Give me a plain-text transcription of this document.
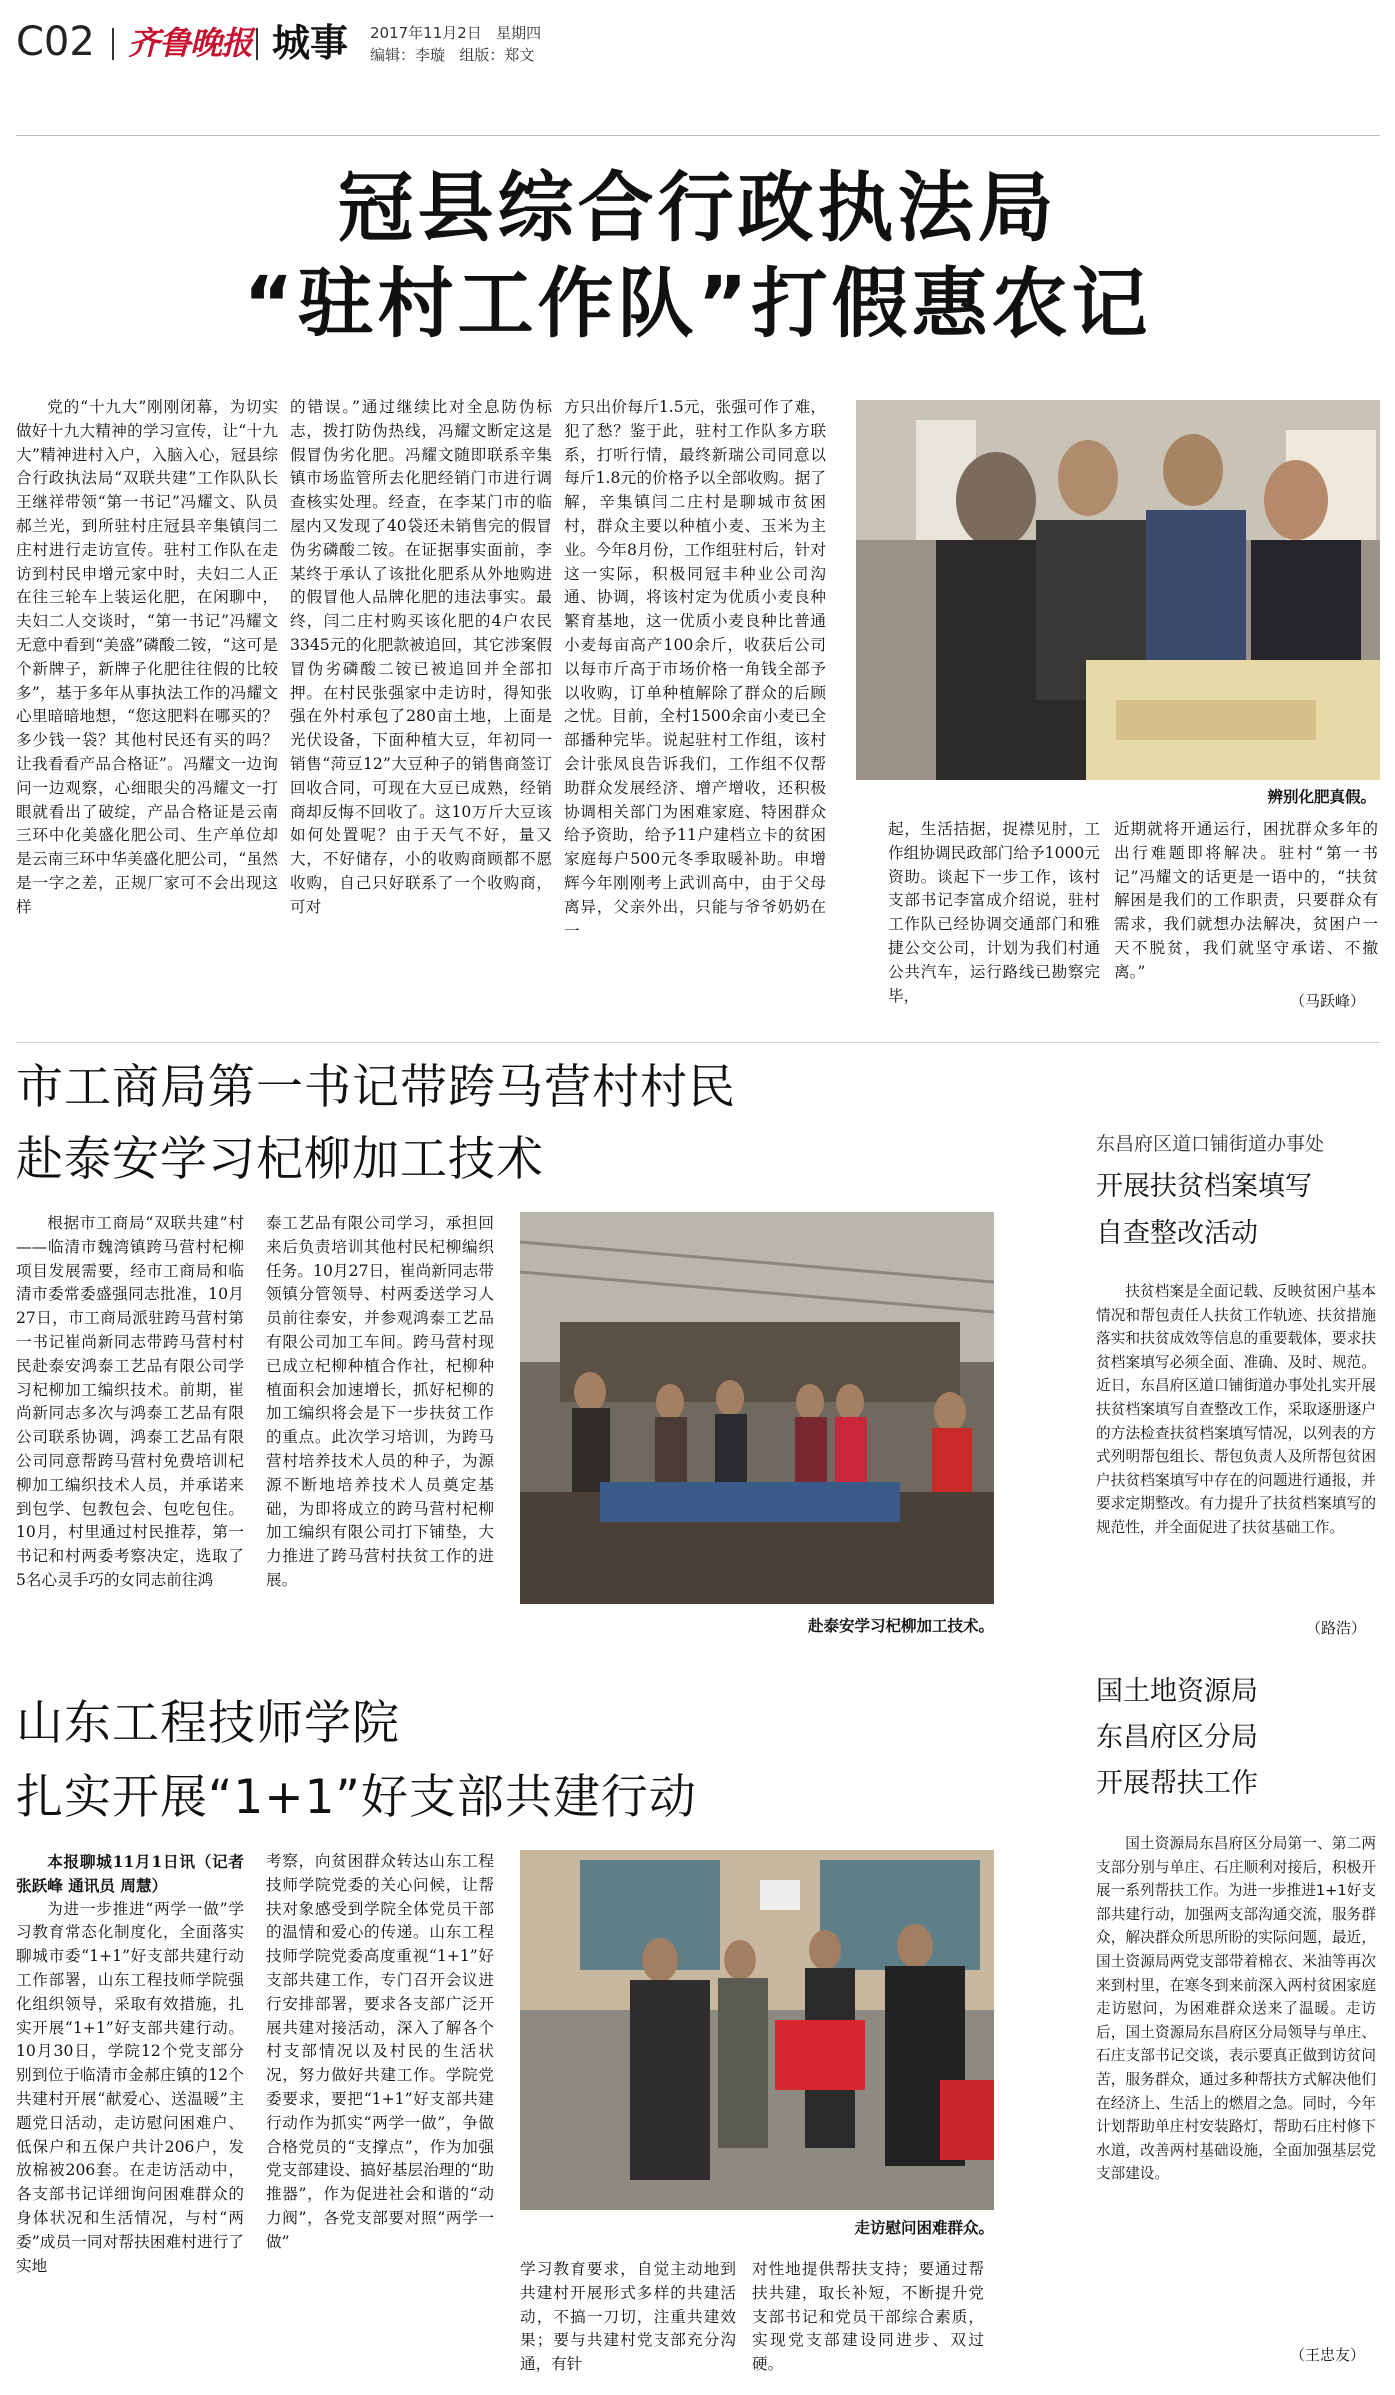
C02 齐鲁晚报 城事 2017年11月2日 星期四
编辑：李璇 组版：郑文
冠县综合行政执法局
“驻村工作队”打假惠农记

党的“十九大”刚刚闭幕，为切实做好十九大精神的学习宣传，让“十九大”精神进村入户，入脑入心，冠县综合行政执法局“双联共建”工作队队长王继祥带领“第一书记”冯耀文、队员郝兰光，到所驻村庄冠县辛集镇闫二庄村进行走访宣传。驻村工作队在走访到村民申增元家中时，夫妇二人正在往三轮车上装运化肥，在闲聊中，夫妇二人交谈时，“第一书记”冯耀文无意中看到“美盛”磷酸二铵，“这可是个新牌子，新牌子化肥往往假的比较多”，基于多年从事执法工作的冯耀文心里暗暗地想，“您这肥料在哪买的？多少钱一袋？其他村民还有买的吗？让我看看产品合格证”。冯耀文一边询问一边观察，心细眼尖的冯耀文一打眼就看出了破绽，产品合格证是云南三环中化美盛化肥公司、生产单位却是云南三环中华美盛化肥公司，“虽然是一字之差，正规厂家可不会出现这样

的错误。”通过继续比对全息防伪标志，拨打防伪热线，冯耀文断定这是假冒伪劣化肥。冯耀文随即联系辛集镇市场监管所去化肥经销门市进行调查核实处理。经查，在李某门市的临屋内又发现了40袋还未销售完的假冒伪劣磷酸二铵。在证据事实面前，李某终于承认了该批化肥系从外地购进的假冒他人品牌化肥的违法事实。最终，闫二庄村购买该化肥的4户农民3345元的化肥款被追回，其它涉案假冒伪劣磷酸二铵已被追回并全部扣押。在村民张强家中走访时，得知张强在外村承包了280亩土地，上面是光伏设备，下面种植大豆，年初同一销售“菏豆12”大豆种子的销售商签订回收合同，可现在大豆已成熟，经销商却反悔不回收了。这10万斤大豆该如何处置呢？由于天气不好，量又大，不好储存，小的收购商顾都不愿收购，自己只好联系了一个收购商，可对

方只出价每斤1.5元，张强可作了难，犯了愁？鉴于此，驻村工作队多方联系，打听行情，最终新瑞公司同意以每斤1.8元的价格予以全部收购。据了解，辛集镇闫二庄村是聊城市贫困村，群众主要以种植小麦、玉米为主业。今年8月份，工作组驻村后，针对这一实际，积极同冠丰种业公司沟通、协调，将该村定为优质小麦良种繁育基地，这一优质小麦良种比普通小麦每亩高产100余斤，收获后公司以每市斤高于市场价格一角钱全部予以收购，订单种植解除了群众的后顾之忧。目前，全村1500余亩小麦已全部播种完毕。说起驻村工作组，该村会计张凤良告诉我们，工作组不仅帮助群众发展经济、增产增收，还积极协调相关部门为困难家庭、特困群众给予资助，给予11户建档立卡的贫困家庭每户500元冬季取暖补助。申增辉今年刚刚考上武训高中，由于父母离异，父亲外出，只能与爷爷奶奶在一

辨别化肥真假。

起，生活拮据，捉襟见肘，工作组协调民政部门给予1000元资助。谈起下一步工作，该村支部书记李富成介绍说，驻村工作队已经协调交通部门和雅捷公交公司，计划为我们村通公共汽车，运行路线已勘察完毕，

近期就将开通运行，困扰群众多年的出行难题即将解决。驻村“第一书记”冯耀文的话更是一语中的，“扶贫解困是我们的工作职责，只要群众有需求，我们就想办法解决，贫困户一天不脱贫，我们就坚守承诺、不撤离。”

（马跃峰）
市工商局第一书记带跨马营村村民
赴泰安学习杞柳加工技术

根据市工商局“双联共建”村——临清市魏湾镇跨马营村杞柳项目发展需要，经市工商局和临清市委常委盛强同志批准，10月27日，市工商局派驻跨马营村第一书记崔尚新同志带跨马营村村民赴泰安鸿泰工艺品有限公司学习杞柳加工编织技术。前期，崔尚新同志多次与鸿泰工艺品有限公司联系协调，鸿泰工艺品有限公司同意帮跨马营村免费培训杞柳加工编织技术人员，并承诺来到包学、包教包会、包吃包住。10月，村里通过村民推荐，第一书记和村两委考察决定，选取了5名心灵手巧的女同志前往鸿

泰工艺品有限公司学习，承担回来后负责培训其他村民杞柳编织任务。10月27日，崔尚新同志带领镇分管领导、村两委送学习人员前往泰安，并参观鸿泰工艺品有限公司加工车间。跨马营村现已成立杞柳种植合作社，杞柳种植面积会加速增长，抓好杞柳的加工编织将会是下一步扶贫工作的重点。此次学习培训，为跨马营村培养技术人员的种子，为源源不断地培养技术人员奠定基础，为即将成立的跨马营村杞柳加工编织有限公司打下铺垫，大力推进了跨马营村扶贫工作的进展。

赴泰安学习杞柳加工技术。
山东工程技师学院
扎实开展“1+1”好支部共建行动

本报聊城11月1日讯（记者 张跃峰 通讯员 周慧）

为进一步推进“两学一做”学习教育常态化制度化，全面落实聊城市委“1+1”好支部共建行动工作部署，山东工程技师学院强化组织领导，采取有效措施，扎实开展“1+1”好支部共建行动。10月30日，学院12个党支部分别到位于临清市金郝庄镇的12个共建村开展“献爱心、送温暖”主题党日活动，走访慰问困难户、低保户和五保户共计206户，发放棉被206套。在走访活动中，各支部书记详细询问困难群众的身体状况和生活情况，与村“两委”成员一同对帮扶困难村进行了实地

考察，向贫困群众转达山东工程技师学院党委的关心问候，让帮扶对象感受到学院全体党员干部的温情和爱心的传递。山东工程技师学院党委高度重视“1+1”好支部共建工作，专门召开会议进行安排部署，要求各支部广泛开展共建对接活动，深入了解各个村支部情况以及村民的生活状况，努力做好共建工作。学院党委要求，要把“1+1”好支部共建行动作为抓实“两学一做”，争做合格党员的“支撑点”，作为加强党支部建设、搞好基层治理的“助推器”，作为促进社会和谐的“动力阀”，各党支部要对照“两学一做”

走访慰问困难群众。

学习教育要求，自觉主动地到共建村开展形式多样的共建活动，不搞一刀切，注重共建效果；要与共建村党支部充分沟通，有针

对性地提供帮扶支持；要通过帮扶共建，取长补短，不断提升党支部书记和党员干部综合素质，实现党支部建设同进步、双过硬。

东昌府区道口铺街道办事处
开展扶贫档案填写
自查整改活动

扶贫档案是全面记载、反映贫困户基本情况和帮包责任人扶贫工作轨迹、扶贫措施落实和扶贫成效等信息的重要载体，要求扶贫档案填写必须全面、准确、及时、规范。近日，东昌府区道口铺街道办事处扎实开展扶贫档案填写自查整改工作，采取逐册逐户的方法检查扶贫档案填写情况，以列表的方式列明帮包组长、帮包负责人及所帮包贫困户扶贫档案填写中存在的问题进行通报，并要求定期整改。有力提升了扶贫档案填写的规范性，并全面促进了扶贫基础工作。

（路浩）
国土地资源局
东昌府区分局
开展帮扶工作

国土资源局东昌府区分局第一、第二两支部分别与单庄、石庄顺利对接后，积极开展一系列帮扶工作。为进一步推进1+1好支部共建行动，加强两支部沟通交流，服务群众，解决群众所思所盼的实际问题，最近，国土资源局两党支部带着棉衣、米油等再次来到村里，在寒冬到来前深入两村贫困家庭走访慰问，为困难群众送来了温暖。走访后，国土资源局东昌府区分局领导与单庄、石庄支部书记交谈，表示要真正做到访贫问苦，服务群众，通过多种帮扶方式解决他们在经济上、生活上的燃眉之急。同时，今年计划帮助单庄村安装路灯，帮助石庄村修下水道，改善两村基础设施，全面加强基层党支部建设。

（王忠友）
